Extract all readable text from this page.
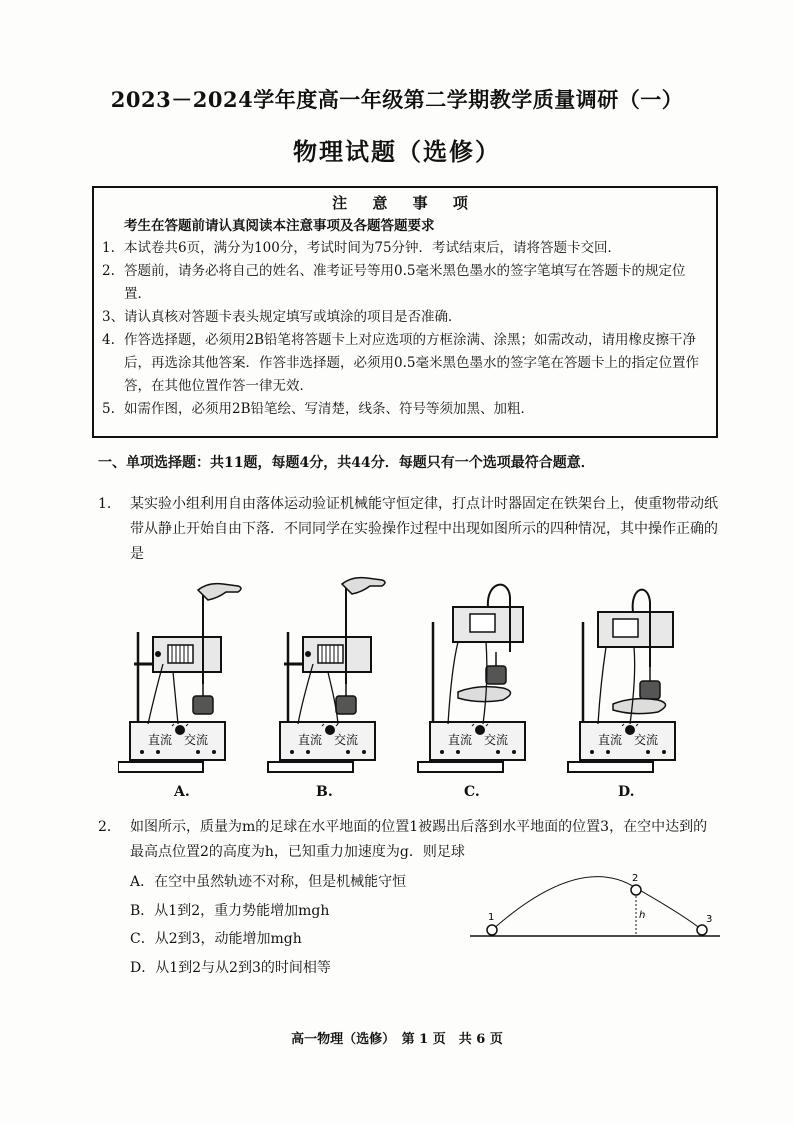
2023－2024学年度高一年级第二学期教学质量调研（一）
物理试题（选修）
注 意 事 项
考生在答题前请认真阅读本注意事项及各题答题要求
1. 本试卷共6页，满分为100分，考试时间为75分钟．考试结束后，请将答题卡交回．
2. 答题前，请务必将自己的姓名、准考证号等用0.5毫米黑色墨水的签字笔填写在答题卡的规定位置．
3、 请认真核对答题卡表头规定填写或填涂的项目是否准确．
4. 作答选择题，必须用2B铅笔将答题卡上对应选项的方框涂满、涂黑；如需改动，请用橡皮擦干净后，再选涂其他答案．作答非选择题，必须用0.5毫米黑色墨水的签字笔在答题卡上的指定位置作答，在其他位置作答一律无效．
5. 如需作图，必须用2B铅笔绘、写清楚，线条、符号等须加黑、加粗．
一、单项选择题：共11题，每题4分，共44分．每题只有一个选项最符合题意．
1． 某实验小组利用自由落体运动验证机械能守恒定律，打点计时器固定在铁架台上，使重物带动纸带从静止开始自由下落．不同同学在实验操作过程中出现如图所示的四种情况，其中操作正确的是
直流 交流	直流 交流	直流 交流	直流 交流
A.	B.	C.	D.
2． 如图所示，质量为m的足球在水平地面的位置1被踢出后落到水平地面的位置3，在空中达到的最高点位置2的高度为h，已知重力加速度为g．则足球
A．在空中虽然轨迹不对称，但是机械能守恒
B．从1到2，重力势能增加mgh
C．从2到3，动能增加mgh
D．从1到2与从2到3的时间相等
1
2
3
h
高一物理（选修）　第 1 页　共 6 页
